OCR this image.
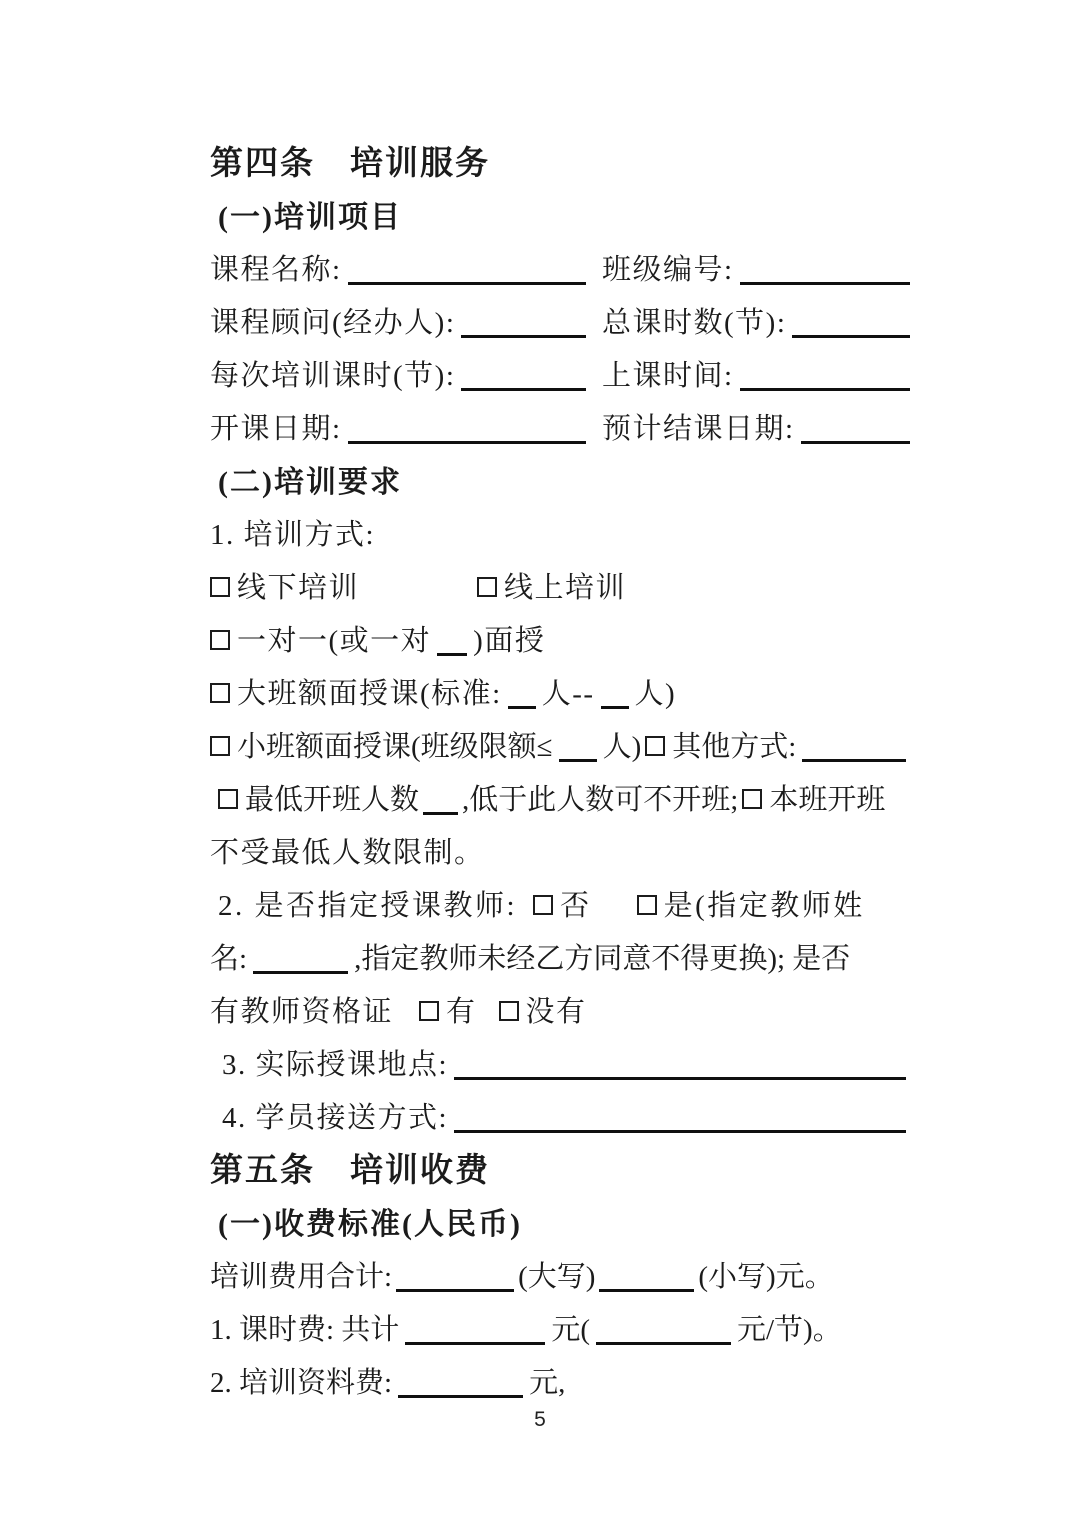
第四条　培训服务
(一)培训项目
课程名称:	班级编号:
课程顾问(经办人):	总课时数(节):
每次培训课时(节):	上课时间:
开课日期:	预计结课日期:
(二)培训要求
1. 培训方式:
线下培训	线上培训
一对一(或一对 )面授
大班额面授课(标准: 人-- 人)
小班额面授课(班级限额≤ 人) 其他方式:
最低开班人数 ,低于此人数可不开班; 本班开班
不受最低人数限制。
2. 是否指定授课教师: 否 是(指定教师姓
名:	,指定教师未经乙方同意不得更换); 是否
有教师资格证 有 没有
3. 实际授课地点:
4. 学员接送方式:
第五条　培训收费
(一)收费标准(人民币)
培训费用合计:	(大写)	(小写)元。
1. 课时费: 共计	元(	元/节)。
2. 培训资料费:	元,
5
